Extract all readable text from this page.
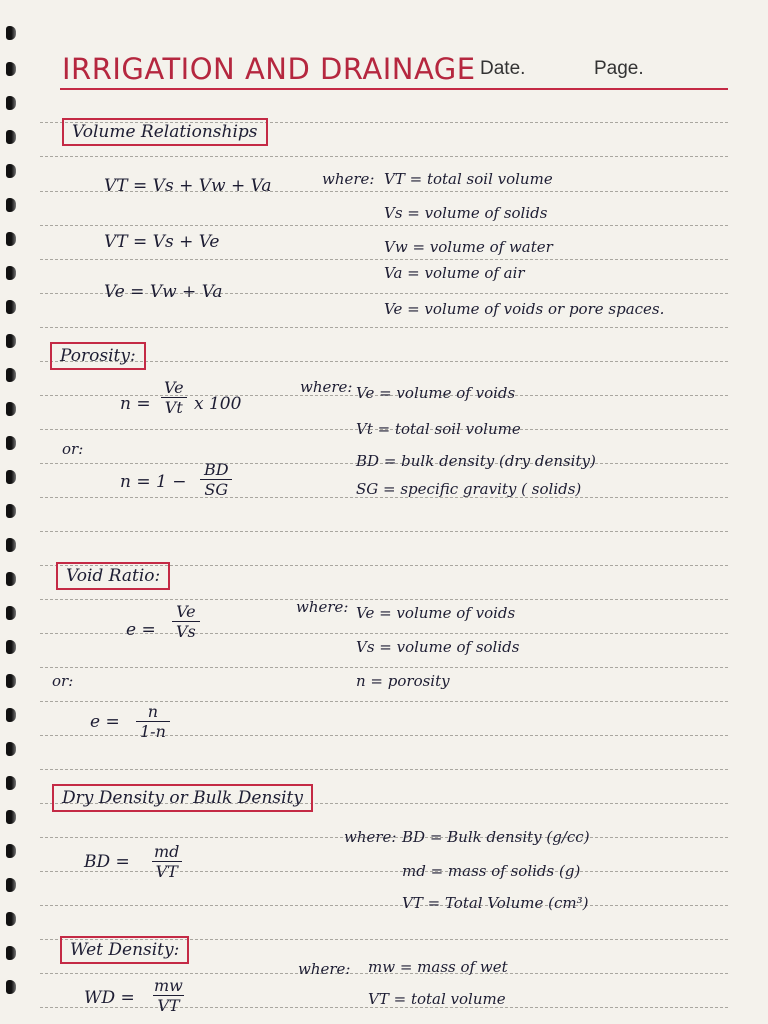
IRRIGATION AND DRAINAGE Date.	Page.
Volume Relationships
VT = Vs + Vw + Va
VT = Vs + Ve
Ve = Vw + Va
where: VT = total soil volume
Vs = volume of solids
Vw = volume of water
Va = volume of air
Ve = volume of voids or pore spaces.
Porosity:
$n = \frac{Ve}{Vt}$ x 100
or:
$n = 1 - \frac{BD}{SG}$
where: Ve = volume of voids
Vt = total soil volume
BD = bulk density (dry density)
SG = specific gravity ( solids)
Void Ratio:
$e = \frac{Ve}{Vs}$
or:
$e = \frac{n}{1-n}$
where: Ve = volume of voids
Vs = volume of solids
n = porosity
Dry Density or Bulk Density
BD = $\frac{md}{VT}$
where: BD = Bulk density (g/cc)
md = mass of solids (g)
VT = Total Volume (cm³)
Wet Density:
WD = $\frac{mw}{VT}$
where: mw = mass of wet
VT = total volume
